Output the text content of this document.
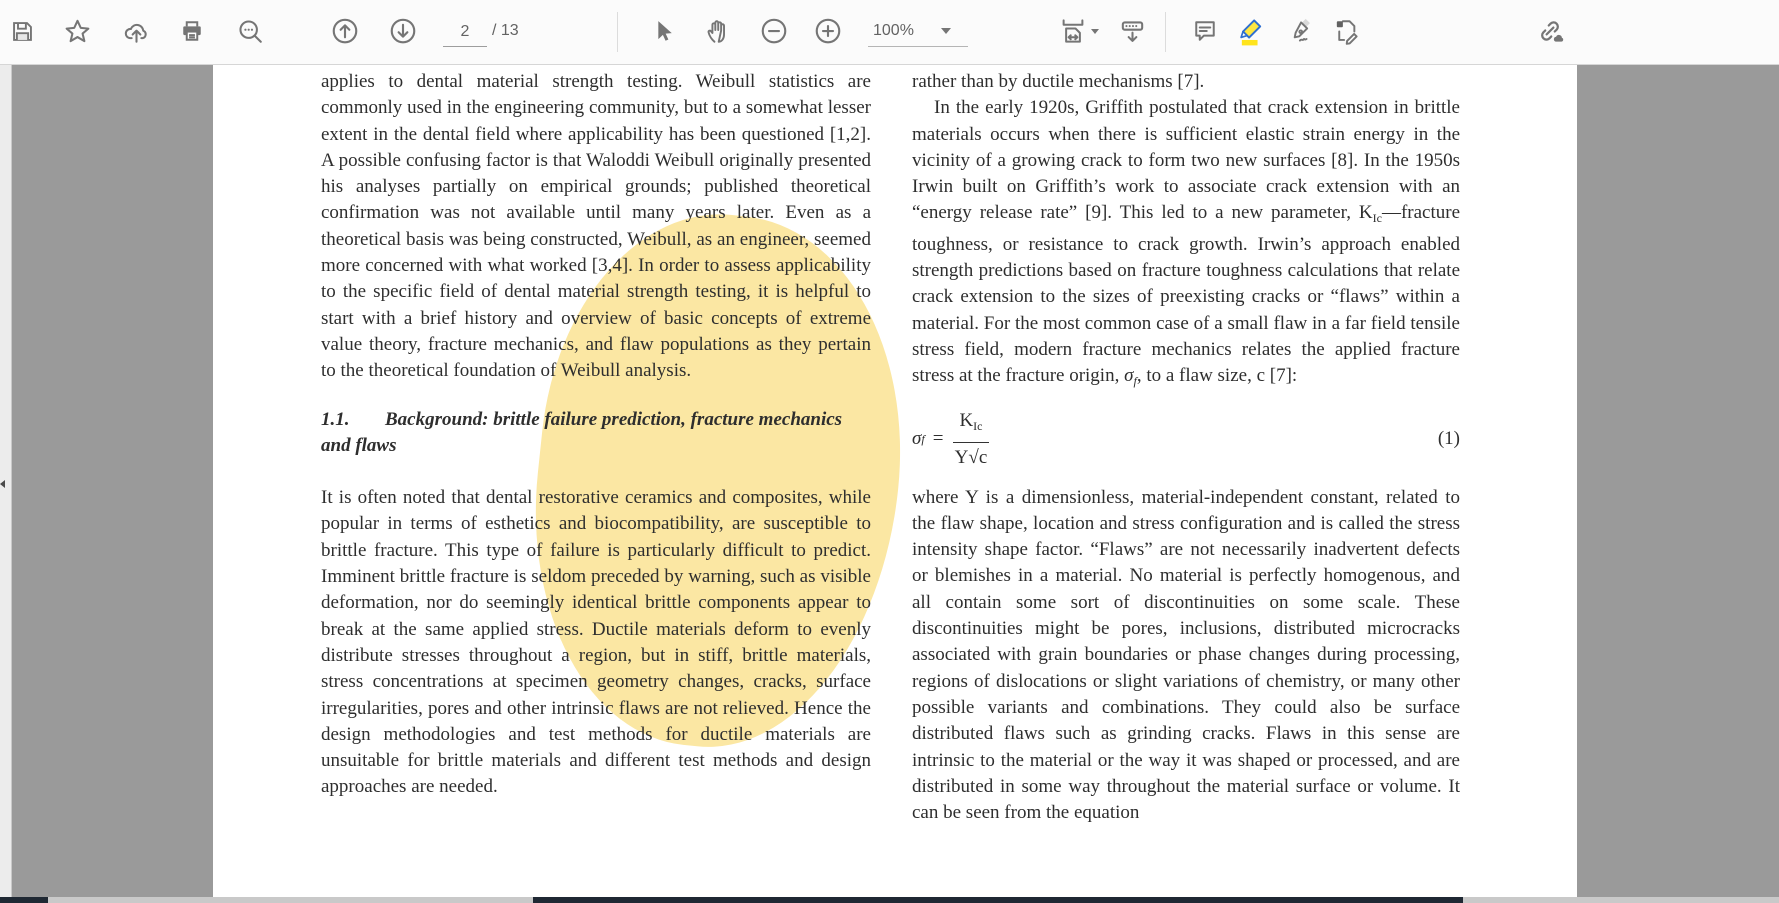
2
/ 13	100%

applies to dental material strength testing. Weibull statistics are commonly used in the engineering community, but to a somewhat lesser extent in the dental field where applicability has been questioned [1,2]. A possible confusing factor is that Waloddi Weibull originally presented his analyses partially on empirical grounds; published theoretical confirmation was not available until many years later. Even as a theoretical basis was being constructed, Weibull, as an engineer, seemed more concerned with what worked [3,4]. In order to assess applicability to the specific field of dental material strength testing, it is helpful to start with a brief history and overview of basic concepts of extreme value theory, fracture mechanics, and flaw populations as they pertain to the theoretical foundation of Weibull analysis.

1.1. Background: brittle failure prediction, fracture mechanics and flaws

It is often noted that dental restorative ceramics and composites, while popular in terms of esthetics and biocompatibility, are susceptible to brittle fracture. This type of failure is particularly difficult to predict. Imminent brittle fracture is seldom preceded by warning, such as visible deformation, nor do seemingly identical brittle components appear to break at the same applied stress. Ductile materials deform to evenly distribute stresses throughout a region, but in stiff, brittle materials, stress concentrations at specimen geometry changes, cracks, surface irregularities, pores and other intrinsic flaws are not relieved. Hence the design methodologies and test methods for ductile materials are unsuitable for brittle materials and different test methods and design approaches are needed.

rather than by ductile mechanisms [7].

In the early 1920s, Griffith postulated that crack extension in brittle materials occurs when there is sufficient elastic strain energy in the vicinity of a growing crack to form two new surfaces [8]. In the 1950s Irwin built on Griffith’s work to associate crack extension with an “energy release rate” [9]. This led to a new parameter, $K_{Ic}—fracture$ toughness, or resistance to crack growth. Irwin’s approach enabled strength predictions based on fracture toughness calculations that relate crack extension to the sizes of preexisting cracks or “flaws” within a material. For the most common case of a small flaw in a far field tensile stress field, modern fracture mechanics relates the applied fracture stress at the fracture origin, $\sigma_f$, to a flaw size, c [7]:

σ $f = \frac{K_{Ic}}{Y√c}$	(1)

where Y is a dimensionless, material-independent constant, related to the flaw shape, location and stress configuration and is called the stress intensity shape factor. “Flaws” are not necessarily inadvertent defects or blemishes in a material. No material is perfectly homogenous, and all contain some sort of discontinuities on some scale. These discontinuities might be pores, inclusions, distributed microcracks associated with grain boundaries or phase changes during processing, regions of dislocations or slight variations of chemistry, or many other possible variants and combinations. They could also be surface distributed flaws such as grinding cracks. Flaws in this sense are intrinsic to the material or the way it was shaped or processed, and are distributed in some way throughout the material surface or volume. It can be seen from the equation
